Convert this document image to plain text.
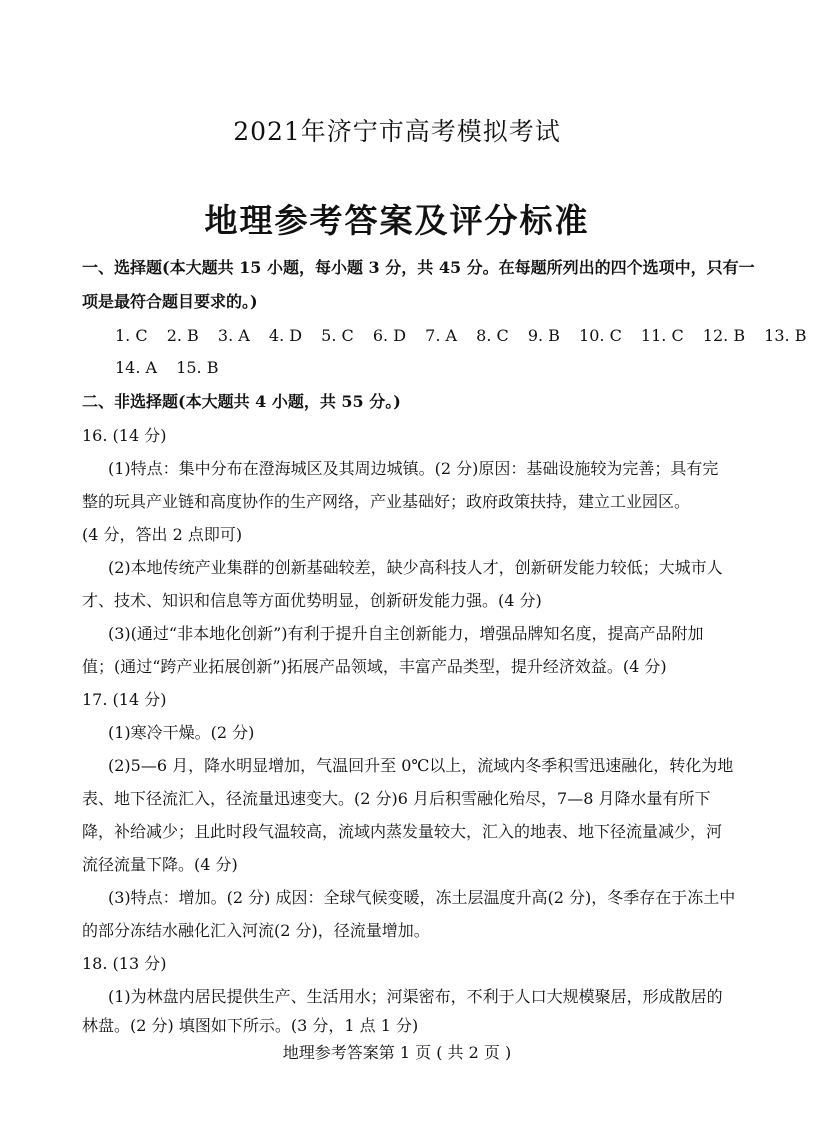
2021年济宁市高考模拟考试
地理参考答案及评分标准
一、选择题(本大题共 15 小题，每小题 3 分，共 45 分。在每题所列出的四个选项中，只有一
项是最符合题目要求的。)
1. C 2. B 3. A 4. D 5. C 6. D 7. A 8. C 9. B 10. C 11. C 12. B 13. B
14. A 15. B
二、非选择题(本大题共 4 小题，共 55 分。)
16. (14 分)
(1)特点：集中分布在澄海城区及其周边城镇。(2 分)原因：基础设施较为完善；具有完
整的玩具产业链和高度协作的生产网络，产业基础好；政府政策扶持，建立工业园区。
(4 分，答出 2 点即可)
(2)本地传统产业集群的创新基础较差，缺少高科技人才，创新研发能力较低；大城市人
才、技术、知识和信息等方面优势明显，创新研发能力强。(4 分)
(3)(通过“非本地化创新”)有利于提升自主创新能力，增强品牌知名度，提高产品附加
值；(通过“跨产业拓展创新”)拓展产品领域，丰富产品类型，提升经济效益。(4 分)
17. (14 分)
(1)寒冷干燥。(2 分)
(2)5—6 月，降水明显增加，气温回升至 0℃以上，流域内冬季积雪迅速融化，转化为地
表、地下径流汇入，径流量迅速变大。(2 分)6 月后积雪融化殆尽，7—8 月降水量有所下
降，补给减少；且此时段气温较高，流域内蒸发量较大，汇入的地表、地下径流量减少，河
流径流量下降。(4 分)
(3)特点：增加。(2 分) 成因：全球气候变暖，冻土层温度升高(2 分)，冬季存在于冻土中
的部分冻结水融化汇入河流(2 分)，径流量增加。
18. (13 分)
(1)为林盘内居民提供生产、生活用水；河渠密布，不利于人口大规模聚居，形成散居的
林盘。(2 分) 填图如下所示。(3 分，1 点 1 分)
地理参考答案第 1 页 ( 共 2 页 )
